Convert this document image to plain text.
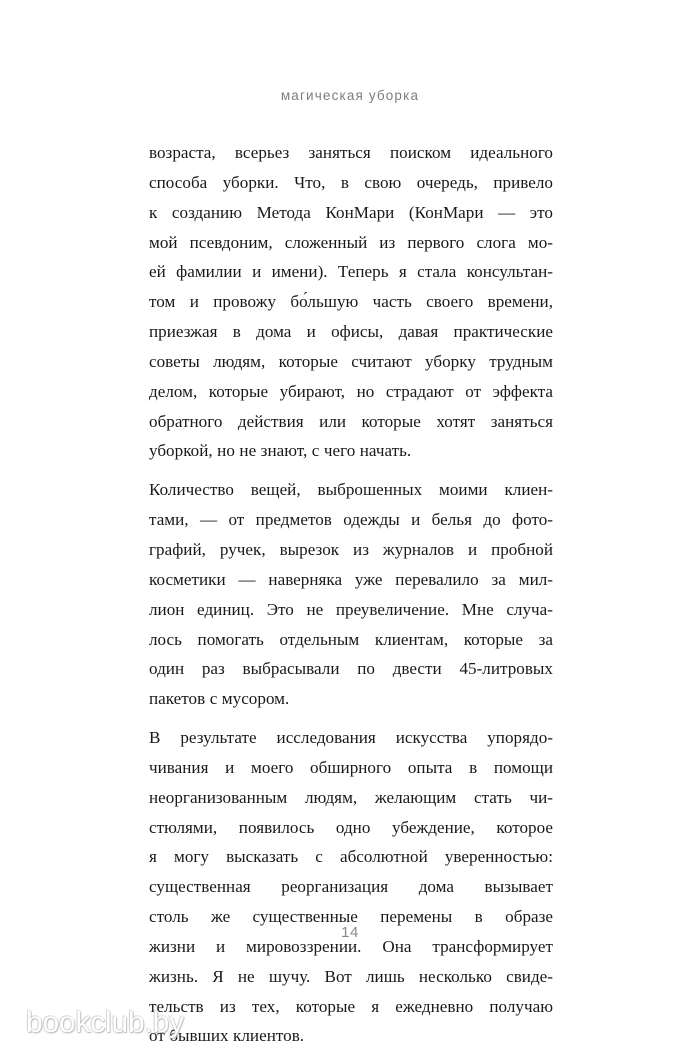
магическая уборка

возраста, всерьез заняться поиском идеального
способа уборки. Что, в свою очередь, привело
к созданию Метода КонМари (КонМари — это
мой псевдоним, сложенный из первого слога мо-
ей фамилии и имени). Теперь я стала консультан-
том и провожу бо́льшую часть своего времени,
приезжая в дома и офисы, давая практические
советы людям, которые считают уборку трудным
делом, которые убирают, но страдают от эффекта
обратного действия или которые хотят заняться
уборкой, но не знают, с чего начать.

Количество вещей, выброшенных моими клиен-
тами, — от предметов одежды и белья до фото-
графий, ручек, вырезок из журналов и пробной
косметики — наверняка уже перевалило за мил-
лион единиц. Это не преувеличение. Мне случа-
лось помогать отдельным клиентам, которые за
один раз выбрасывали по двести 45-литровых
пакетов с мусором.

В результате исследования искусства упорядо-
чивания и моего обширного опыта в помощи
неорганизованным людям, желающим стать чи-
стюлями, появилось одно убеждение, которое
я могу высказать с абсолютной уверенностью:
существенная реорганизация дома вызывает
столь же существенные перемены в образе
жизни и мировоззрении. Она трансформирует
жизнь. Я не шучу. Вот лишь несколько свиде-
тельств из тех, которые я ежедневно получаю
от бывших клиентов.

14
bookclub.by
